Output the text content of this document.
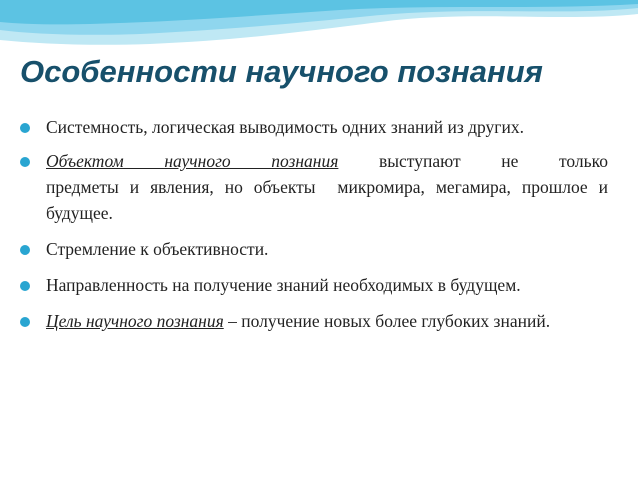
Особенности научного познания
Системность, логическая выводимость одних знаний из других.
Объектом научного познания выступают не только предметы и явления, но объекты  микромира, мегамира, прошлое и будущее.
Стремление к объективности.
Направленность на получение знаний необходимых в будущем.
Цель научного познания – получение новых более глубоких знаний.
